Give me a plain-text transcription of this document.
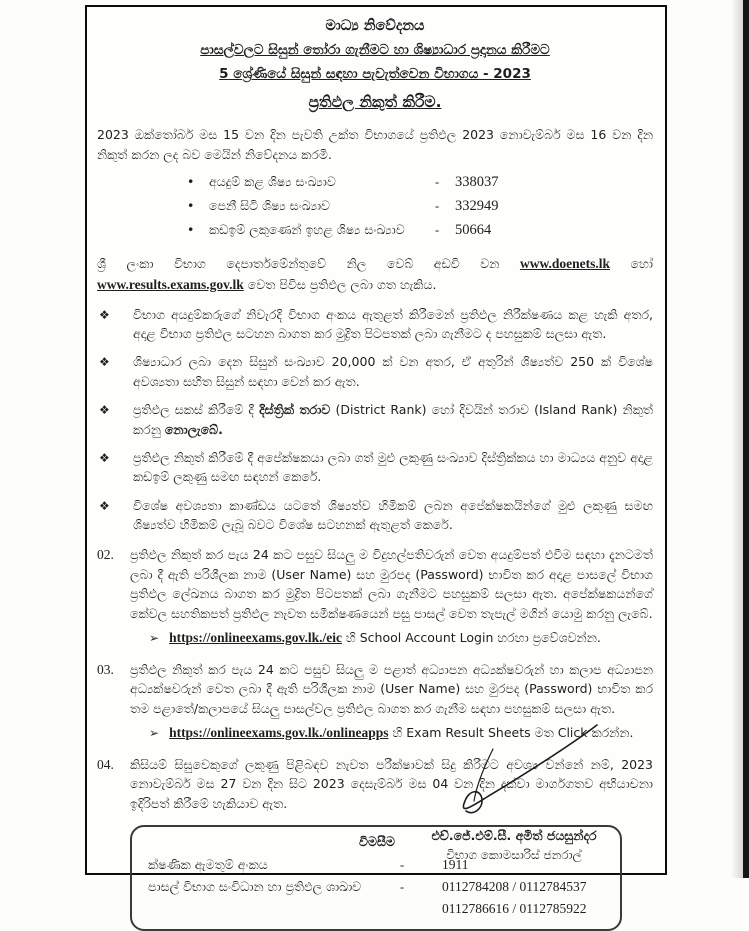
මාධ්‍ය නිවේදනය
පාසල්වලට සිසුන් තෝරා ගැනීමට හා ශිෂ්‍යාධාර ප්‍රදානය කිරීමට
5 ශ්‍රේණියේ සිසුන් සඳහා පැවැත්වෙන විභාගය - 2023
ප්‍රතිඵල නිකුත් කිරීම.
2023 ඔක්තෝබර් මස 15 වන දින පැවති උක්ත විභාගයේ ප්‍රතිඵල 2023 නොවැම්බර් මස 16 වන දින නිකුත් කරන ලද බව මෙයින් නිවේදනය කරමි.
•	අයදුම් කළ ශිෂ්‍ය සංඛ්‍යාව	-	338037
•	පෙනී සිටි ශිෂ්‍ය සංඛ්‍යාව	-	332949
•	කඩඉම් ලකුණෙන් ඉහළ ශිෂ්‍ය සංඛ්‍යාව	-	50664
ශ්‍රී ලංකා විභාග දෙපාර්තමේන්තුවේ නිල වෙබ් අඩවි වන www.doenets.lk හෝ www.results.exams.gov.lk වෙත පිවිස ප්‍රතිඵල ලබා ගත හැකිය.
❖ විභාග අයදුම්කරුගේ නිවැරදි විභාග අංකය ඇතුළත් කිරීමෙන් ප්‍රතිඵල නිරීක්ෂණය කළ හැකි අතර, අදාළ විභාග ප්‍රතිඵල සටහන බාගත කර මුද්‍රිත පිටපතක් ලබා ගැනීමට ද පහසුකම් සලසා ඇත.
❖ ශිෂ්‍යාධාර ලබා දෙන සිසුන් සංඛ්‍යාව 20,000 ක් වන අතර, ඒ අතුරින් ශිෂ්‍යත්ව 250 ක් විශේෂ අවශ්‍යතා සහිත සිසුන් සඳහා වෙන් කර ඇත.
❖ ප්‍රතිඵල සකස් කිරීමේ දී දිස්ත්‍රික් තරාව (District Rank) හෝ දිවයින් තරාව (Island Rank) නිකුත් කරනු නොලැබේ.
❖ ප්‍රතිඵල නිකුත් කිරීමේ දී අපේක්ෂකයා ලබා ගත් මුළු ලකුණු සංඛ්‍යාව දිස්ත්‍රික්කය හා මාධ්‍යය අනුව අදාළ කඩඉම් ලකුණු සමඟ සඳහන් කෙරේ.
❖ විශේෂ අවශ්‍යතා කාණ්ඩය යටතේ ශිෂ්‍යත්ව හිමිකම් ලබන අපේක්ෂකයින්ගේ මුළු ලකුණු සමඟ ශිෂ්‍යත්ව හිමිකම් ලැබූ බවට විශේෂ සටහනක් ඇතුළත් කෙරේ.
02. ප්‍රතිඵල නිකුත් කර පැය 24 කට පසුව සියලු ම විදුහල්පතිවරුන් වෙත අයදුම්පත් එවීම සඳහා දැනටමත් ලබා දී ඇති පරිශීලක නාම (User Name) සහ මුරපද (Password) භාවිත කර අදාළ පාසලේ විභාග ප්‍රතිඵල ලේඛනය බාගත කර මුද්‍රිත පිටපතක් ලබා ගැනීමට පහසුකම් සලසා ඇත. අපේක්ෂකයන්ගේ කේවල සහතිකපත් ප්‍රතිඵල නැවත සමීක්ෂණයෙන් පසු පාසල් වෙත තැපැල් මගින් යොමු කරනු ලැබේ.
➢ https://onlineexams.gov.lk./eic හි School Account Login හරහා ප්‍රවේශවන්න.
03. ප්‍රතිඵල නිකුත් කර පැය 24 කට පසුව සියලු ම පළාත් අධ්‍යාපන අධ්‍යක්ෂවරුන් හා කලාප අධ්‍යාපන අධ්‍යක්ෂවරුන් වෙත ලබා දී ඇති පරිශීලක නාම (User Name) සහ මුරපද (Password) භාවිත කර තම පළාතේ/කලාපයේ සියලු පාසල්වල ප්‍රතිඵල බාගත කර ගැනීම සඳහා පහසුකම් සලසා ඇත.
➢ https://onlineexams.gov.lk./onlineapps හි Exam Result Sheets මත Click කරන්න.
04. කිසියම් සිසුවෙකුගේ ලකුණු පිළිබඳව නැවත පරීක්ෂාවක් සිදු කිරීමට අවශ්‍ය වන්නේ නම්, 2023 නොවැම්බර් මස 27 වන දින සිට 2023 දෙසැම්බර් මස 04 වන දින දක්වා මාර්ගගතව අභියාචනා ඉදිරිපත් කිරීමේ හැකියාව ඇත.
විමසීම
ක්ෂණික ඇමතුම් අංකය	-	1911
පාසල් විභාග සංවිධාන හා ප්‍රතිඵල ශාඛාව	-	0112784208 / 0112784537
0112786616 / 0112785922
එච්.ජේ.එම්.සී. අමිත් ජයසුන්දර
විභාග කොමසාරිස් ජනරාල්
